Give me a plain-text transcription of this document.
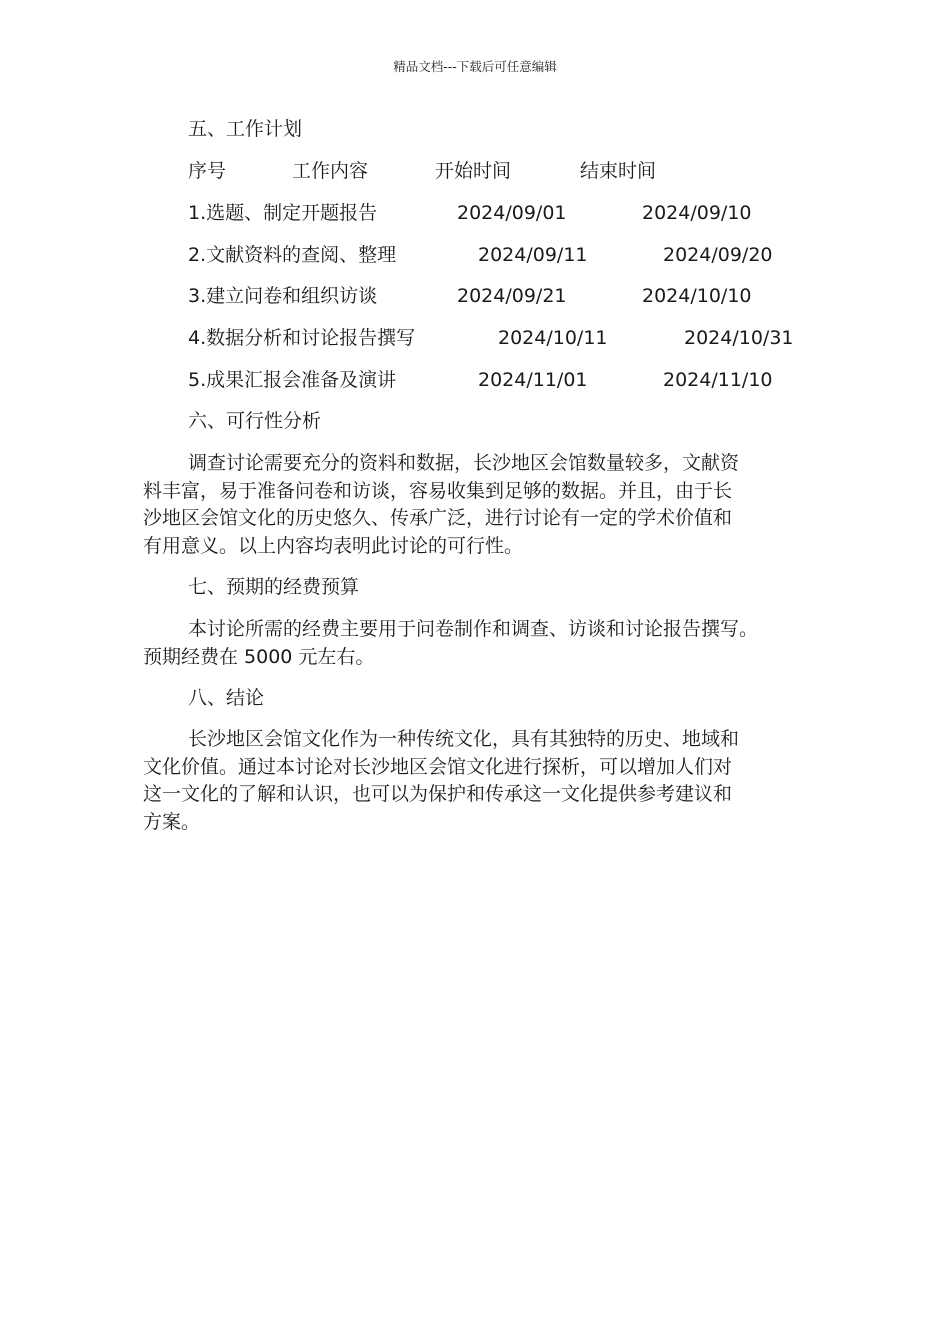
精品文档---下载后可任意编辑
五、工作计划
序号	工作内容	开始时间	结束时间
1.选题、制定开题报告	2024/09/01	2024/09/10
2.文献资料的查阅、整理	2024/09/11	2024/09/20
3.建立问卷和组织访谈	2024/09/21	2024/10/10
4.数据分析和讨论报告撰写	2024/10/11	2024/10/31
5.成果汇报会准备及演讲	2024/11/01	2024/11/10
六、可行性分析
调查讨论需要充分的资料和数据，长沙地区会馆数量较多，文献资
料丰富，易于准备问卷和访谈，容易收集到足够的数据。并且，由于长
沙地区会馆文化的历史悠久、传承广泛，进行讨论有一定的学术价值和
有用意义。以上内容均表明此讨论的可行性。
七、预期的经费预算
本讨论所需的经费主要用于问卷制作和调查、访谈和讨论报告撰写。
预期经费在 5000 元左右。
八、结论
长沙地区会馆文化作为一种传统文化，具有其独特的历史、地域和
文化价值。通过本讨论对长沙地区会馆文化进行探析，可以增加人们对
这一文化的了解和认识，也可以为保护和传承这一文化提供参考建议和
方案。
